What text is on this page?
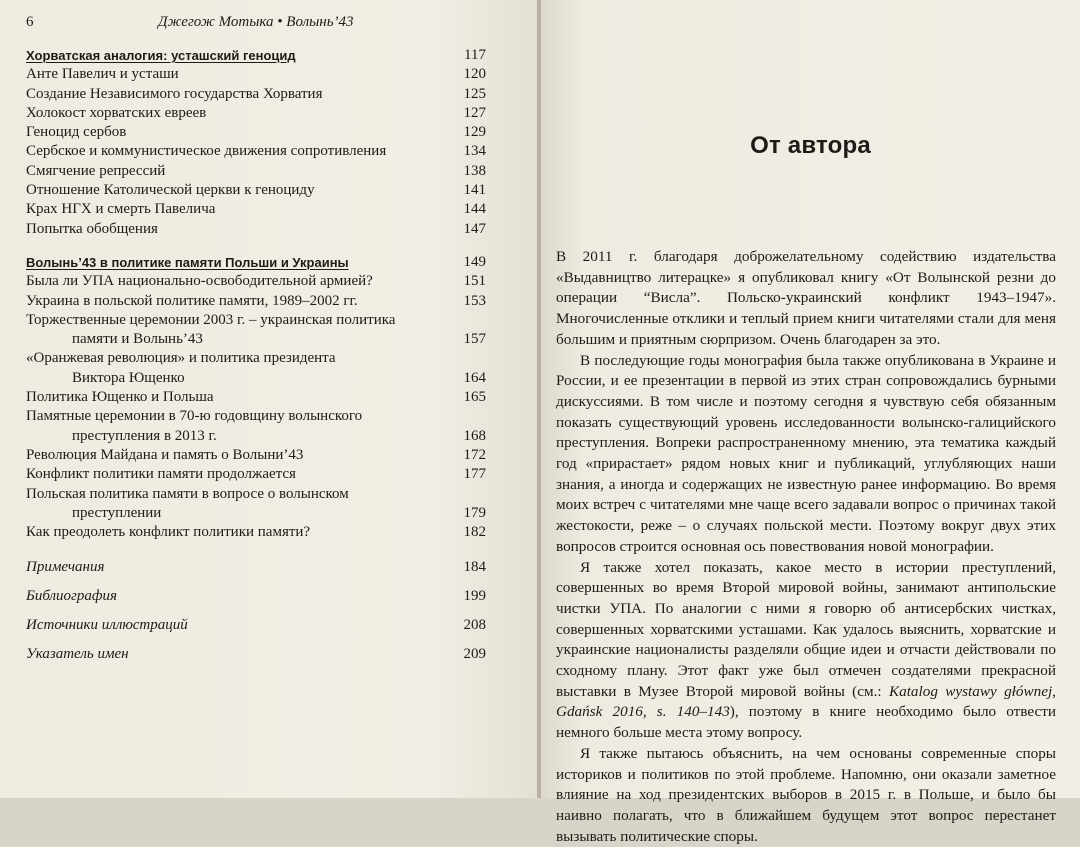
6	Джегож Мотыка • Волынь’43
Хорватская аналогия: усташский геноцид	117
Анте Павелич и усташи	120
Создание Независимого государства Хорватия	125
Холокост хорватских евреев	127
Геноцид сербов	129
Сербское и коммунистическое движения сопротивления	134
Смягчение репрессий	138
Отношение Католической церкви к геноциду	141
Крах НГХ и смерть Павелича	144
Попытка обобщения	147
Волынь’43 в политике памяти Польши и Украины	149
Была ли УПА национально-освободительной армией?	151
Украина в польской политике памяти, 1989–2002 гг.	153
Торжественные церемонии 2003 г. – украинская политика
памяти и Волынь’43	157
«Оранжевая революция» и политика президента
Виктора Ющенко	164
Политика Ющенко и Польша	165
Памятные церемонии в 70-ю годовщину волынского
преступления в 2013 г.	168
Революция Майдана и память о Волыни’43	172
Конфликт политики памяти продолжается	177
Польская политика памяти в вопросе о волынском
преступлении	179
Как преодолеть конфликт политики памяти?	182
Примечания	184
Библиография	199
Источники иллюстраций	208
Указатель имен	209
От автора

В 2011 г. благодаря доброжелательному содействию издательства «Выдавництво литерацке» я опубликовал книгу «От Волынской резни до операции “Висла”. Польско-украинский конфликт 1943–1947». Многочисленные отклики и теплый прием книги читателями стали для меня большим и приятным сюрпризом. Очень благодарен за это.

В последующие годы монография была также опубликована в Украине и России, и ее презентации в первой из этих стран сопровождались бурными дискуссиями. В том числе и поэтому сегодня я чувствую себя обязанным показать существующий уровень исследованности волынско-галицийского преступления. Вопреки распространенному мнению, эта тематика каждый год «прирастает» рядом новых книг и публикаций, углубляющих наши знания, а иногда и содержащих не известную ранее информацию. Во время моих встреч с читателями мне чаще всего задавали вопрос о причинах такой жестокости, реже – о случаях польской мести. Поэтому вокруг двух этих вопросов строится основная ось повествования новой монографии.

Я также хотел показать, какое место в истории преступлений, совершенных во время Второй мировой войны, занимают антипольские чистки УПА. По аналогии с ними я говорю об антисербских чистках, совершенных хорватскими усташами. Как удалось выяснить, хорватские и украинские националисты разделяли общие идеи и отчасти действовали по сходному плану. Этот факт уже был отмечен создателями прекрасной выставки в Музее Второй мировой войны (см.: Katalog wystawy głównej, Gdańsk 2016, s. 140–143), поэтому в книге необходимо было отвести немного больше места этому вопросу.

Я также пытаюсь объяснить, на чем основаны современные споры историков и политиков по этой проблеме. Напомню, они оказали заметное влияние на ход президентских выборов в 2015 г. в Польше, и было бы наивно полагать, что в ближайшем будущем этот вопрос перестанет вызывать политические споры.
